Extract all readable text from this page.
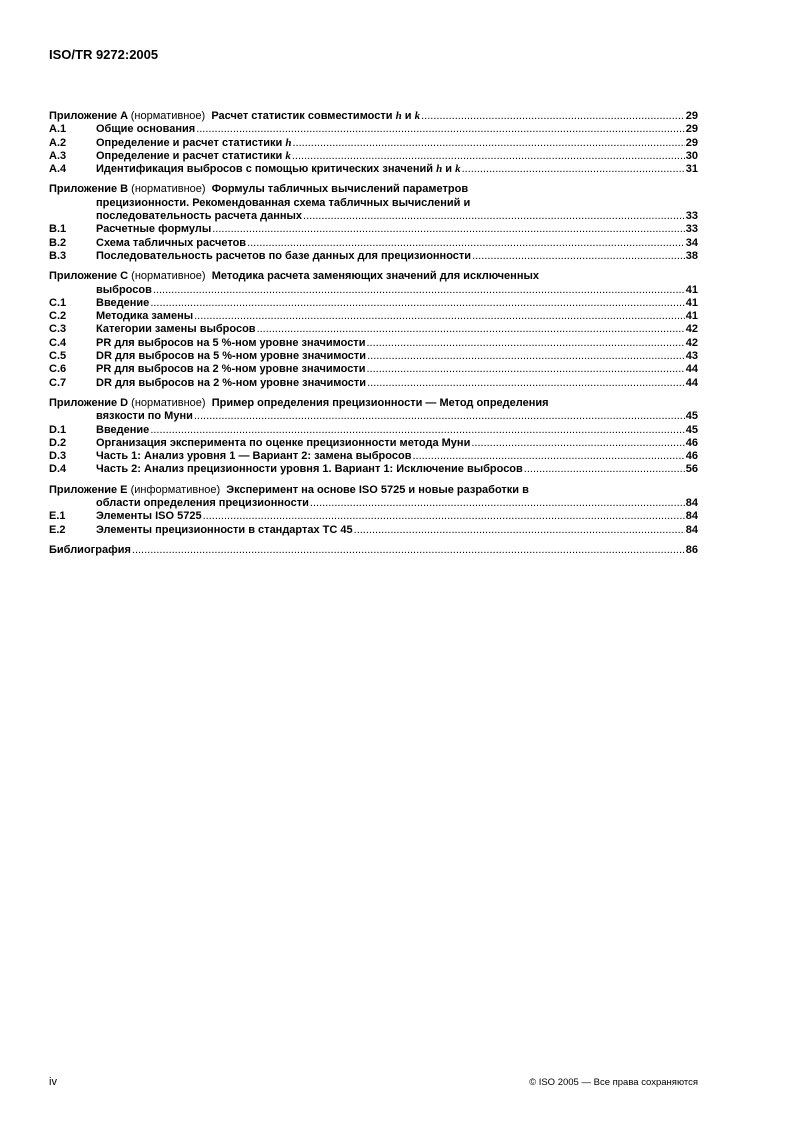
ISO/TR 9272:2005
Приложение A (нормативное) Расчет статистик совместимости h и k .....	29
A.1	Общие основания .....	29
A.2	Определение и расчет статистики h .....	29
A.3	Определение и расчет статистики k .....	30
A.4	Идентификация выбросов с помощью критических значений h и k .....	31
Приложение B (нормативное) Формулы табличных вычислений параметров
прецизионности. Рекомендованная схема табличных вычислений и
последовательность расчета данных .....	33
B.1	Расчетные формулы .....	33
B.2	Схема табличных расчетов .....	34
B.3	Последовательность расчетов по базе данных для прецизионности .....	38
Приложение C (нормативное) Методика расчета заменяющих значений для исключенных
выбросов .....	41
C.1	Введение .....	41
C.2	Методика замены .....	41
C.3	Категории замены выбросов .....	42
C.4	PR для выбросов на 5 %-ном уровне значимости .....	42
C.5	DR для выбросов на 5 %-ном уровне значимости .....	43
C.6	PR для выбросов на 2 %-ном уровне значимости .....	44
C.7	DR для выбросов на 2 %-ном уровне значимости .....	44
Приложение D (нормативное) Пример определения прецизионности — Метод определения
вязкости по Муни .....	45
D.1	Введение .....	45
D.2	Организация эксперимента по оценке прецизионности метода Муни .....	46
D.3	Часть 1: Анализ уровня 1 — Вариант 2: замена выбросов .....	46
D.4	Часть 2: Анализ прецизионности уровня 1. Вариант 1: Исключение выбросов .....	56
Приложение E (информативное) Эксперимент на основе ISO 5725 и новые разработки в
области определения прецизионности .....	84
E.1	Элементы ISO 5725 .....	84
E.2	Элементы прецизионности в стандартах TC 45 .....	84
Библиография .....	86
iv	© ISO 2005 — Все права сохраняются
